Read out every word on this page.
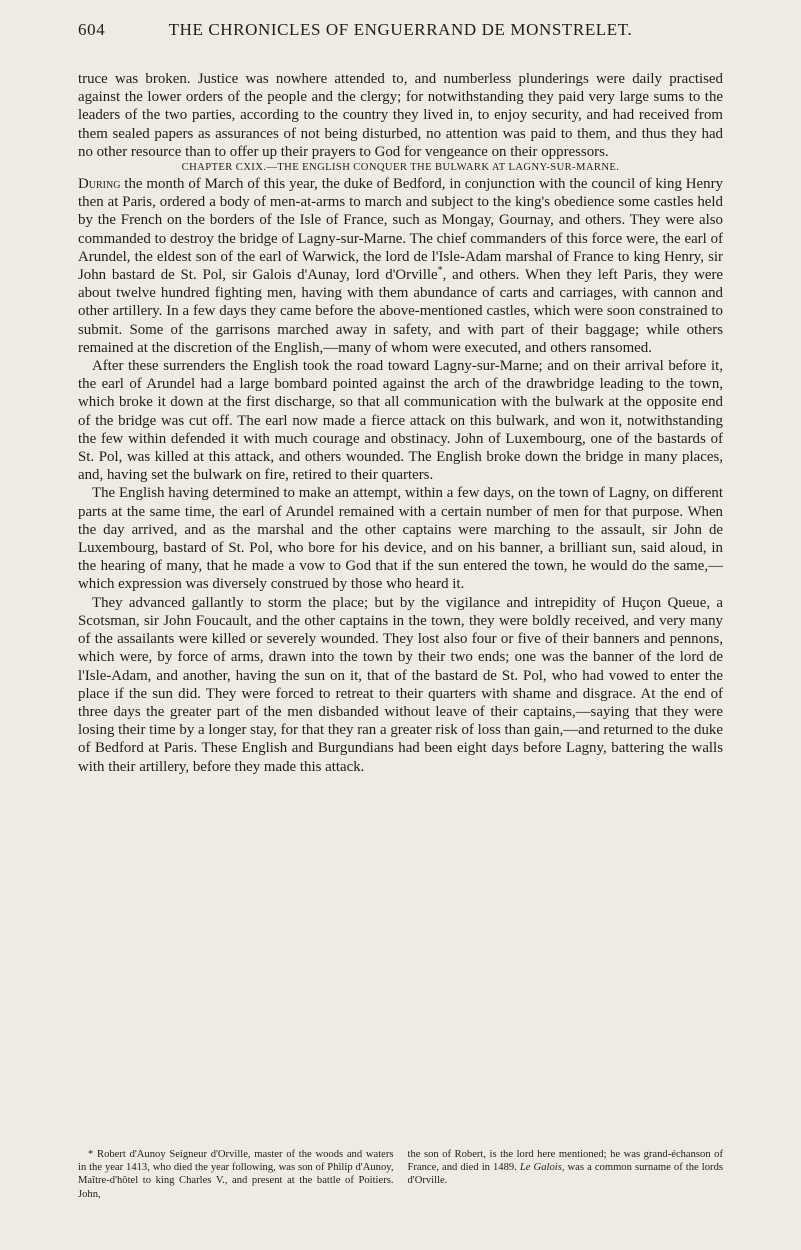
604	THE CHRONICLES OF ENGUERRAND DE MONSTRELET.

truce was broken. Justice was nowhere attended to, and numberless plunderings were daily practised against the lower orders of the people and the clergy; for notwithstanding they paid very large sums to the leaders of the two parties, according to the country they lived in, to enjoy security, and had received from them sealed papers as assurances of not being disturbed, no attention was paid to them, and thus they had no other resource than to offer up their prayers to God for vengeance on their oppressors.

CHAPTER CXIX.—THE ENGLISH CONQUER THE BULWARK AT LAGNY-SUR-MARNE.

During the month of March of this year, the duke of Bedford, in conjunction with the council of king Henry then at Paris, ordered a body of men-at-arms to march and subject to the king's obedience some castles held by the French on the borders of the Isle of France, such as Mongay, Gournay, and others. They were also commanded to destroy the bridge of Lagny-sur-Marne. The chief commanders of this force were, the earl of Arundel, the eldest son of the earl of Warwick, the lord de l'Isle-Adam marshal of France to king Henry, sir John bastard de St. Pol, sir Galois d'Aunay, lord d'Orville*, and others. When they left Paris, they were about twelve hundred fighting men, having with them abundance of carts and carriages, with cannon and other artillery. In a few days they came before the above-mentioned castles, which were soon constrained to submit. Some of the garrisons marched away in safety, and with part of their baggage; while others remained at the discretion of the English,—many of whom were executed, and others ransomed.

After these surrenders the English took the road toward Lagny-sur-Marne; and on their arrival before it, the earl of Arundel had a large bombard pointed against the arch of the drawbridge leading to the town, which broke it down at the first discharge, so that all communication with the bulwark at the opposite end of the bridge was cut off. The earl now made a fierce attack on this bulwark, and won it, notwithstanding the few within defended it with much courage and obstinacy. John of Luxembourg, one of the bastards of St. Pol, was killed at this attack, and others wounded. The English broke down the bridge in many places, and, having set the bulwark on fire, retired to their quarters.

The English having determined to make an attempt, within a few days, on the town of Lagny, on different parts at the same time, the earl of Arundel remained with a certain number of men for that purpose. When the day arrived, and as the marshal and the other captains were marching to the assault, sir John de Luxembourg, bastard of St. Pol, who bore for his device, and on his banner, a brilliant sun, said aloud, in the hearing of many, that he made a vow to God that if the sun entered the town, he would do the same,— which expression was diversely construed by those who heard it.

They advanced gallantly to storm the place; but by the vigilance and intrepidity of Huçon Queue, a Scotsman, sir John Foucault, and the other captains in the town, they were boldly received, and very many of the assailants were killed or severely wounded. They lost also four or five of their banners and pennons, which were, by force of arms, drawn into the town by their two ends; one was the banner of the lord de l'Isle-Adam, and another, having the sun on it, that of the bastard de St. Pol, who had vowed to enter the place if the sun did. They were forced to retreat to their quarters with shame and disgrace. At the end of three days the greater part of the men disbanded without leave of their captains,—saying that they were losing their time by a longer stay, for that they ran a greater risk of loss than gain,—and returned to the duke of Bedford at Paris. These English and Burgundians had been eight days before Lagny, battering the walls with their artillery, before they made this attack.

* Robert d'Aunoy Seigneur d'Orville, master of the woods and waters in the year 1413, who died the year following, was son of Philip d'Aunoy, Maître-d'hôtel to king Charles V., and present at the battle of Poitiers. John,

the son of Robert, is the lord here mentioned; he was grand-échanson of France, and died in 1489. Le Galois, was a common surname of the lords d'Orville.
